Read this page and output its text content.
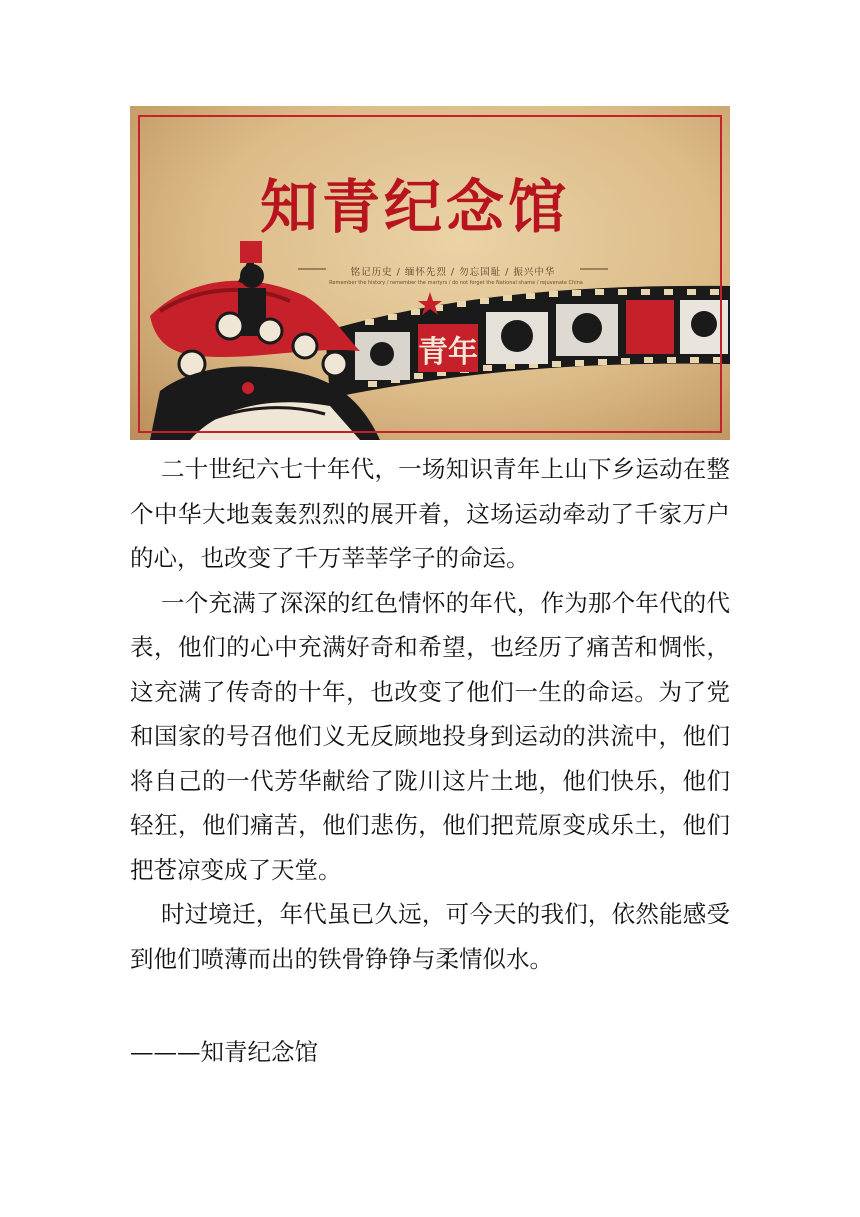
青年
知青纪念馆
铭记历史 / 缅怀先烈 / 勿忘国耻 / 振兴中华
Remember the history / remember the martyrs / do not forget the National shame / rejuvenate China

二十世纪六七十年代，一场知识青年上山下乡运动在整个中华大地轰轰烈烈的展开着，这场运动牵动了千家万户的心，也改变了千万莘莘学子的命运。

一个充满了深深的红色情怀的年代，作为那个年代的代表，他们的心中充满好奇和希望，也经历了痛苦和惆怅，这充满了传奇的十年，也改变了他们一生的命运。为了党和国家的号召他们义无反顾地投身到运动的洪流中，他们将自己的一代芳华献给了陇川这片土地，他们快乐，他们轻狂，他们痛苦，他们悲伤，他们把荒原变成乐土，他们把苍凉变成了天堂。

时过境迁，年代虽已久远，可今天的我们，依然能感受到他们喷薄而出的铁骨铮铮与柔情似水。

———知青纪念馆
